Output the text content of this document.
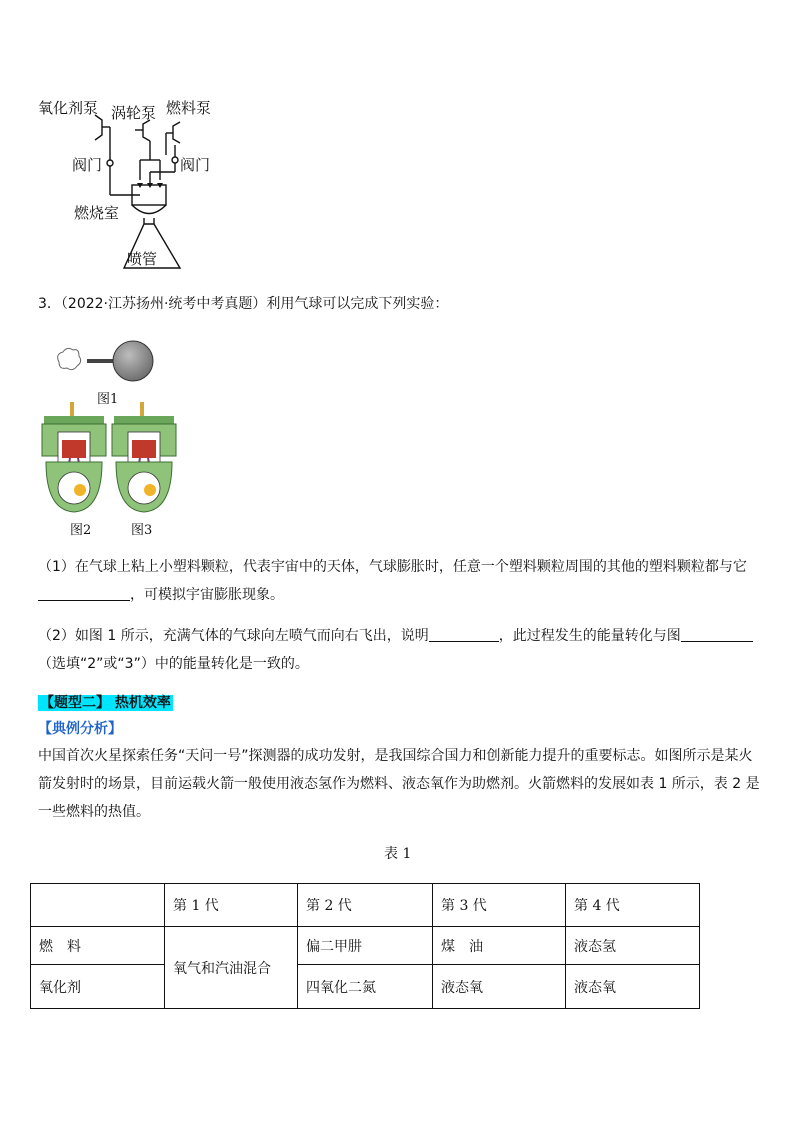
氧化剂泵 涡轮泵 燃料泵
阀门	阀门
燃烧室
喷管
3．（2022·江苏扬州·统考中考真题）利用气球可以完成下列实验：
图1
图2	图3
（1）在气球上粘上小塑料颗粒，代表宇宙中的天体，气球膨胀时，任意一个塑料颗粒周围的其他的塑料颗粒都与它
，可模拟宇宙膨胀现象。
（2）如图 1 所示，充满气体的气球向左喷气而向右飞出，说明	，此过程发生的能量转化与图
（选填“2”或“3”）中的能量转化是一致的。
【题型二】 热机效率
【典例分析】
中国首次火星探索任务“天问一号”探测器的成功发射，是我国综合国力和创新能力提升的重要标志。如图所示是某火
箭发射时的场景，目前运载火箭一般使用液态氢作为燃料、液态氧作为助燃剂。火箭燃料的发展如表 1 所示，表 2 是
一些燃料的热值。
表 1
	第 1 代	第 2 代	第 3 代	第 4 代
燃　料	氧气和汽油混合	偏二甲肼	煤　油	液态氢
氧化剂		四氧化二氮	液态氧	液态氧
